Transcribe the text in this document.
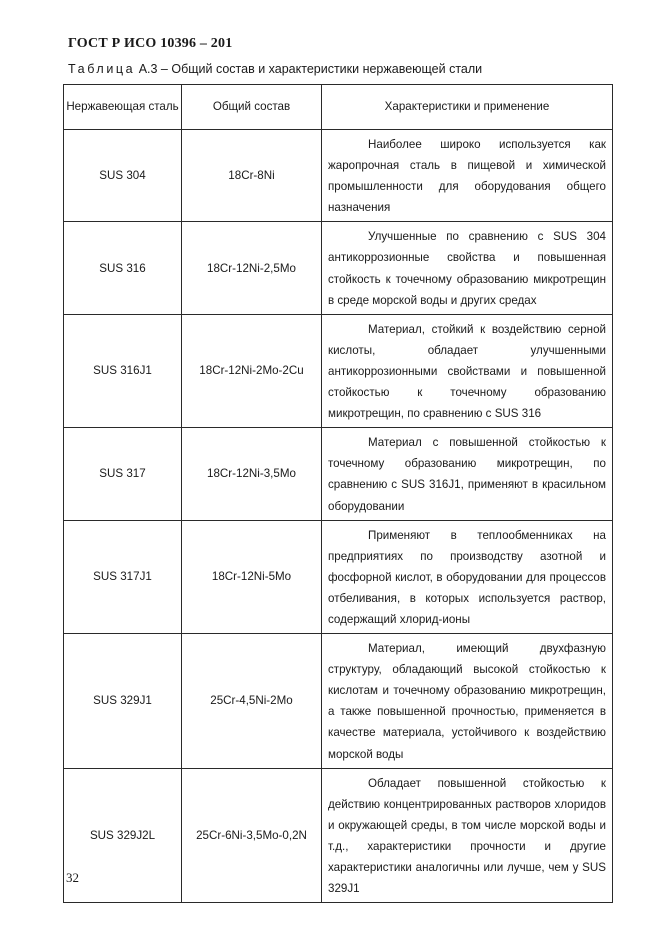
ГОСТ Р ИСО 10396 – 201
Таблица А.3 – Общий состав и характеристики нержавеющей стали
Нержавеющая сталь	Общий состав	Характеристики и применение
SUS 304	18Cr-8Ni	Наиболее широко используется как жаропрочная сталь в пищевой и химической промышленности для оборудования общего назначения
SUS 316	18Cr-12Ni-2,5Mo	Улучшенные по сравнению с SUS 304 антикоррозионные свойства и повышенная стойкость к точечному образованию микротрещин в среде морской воды и других средах
SUS 316J1	18Cr-12Ni-2Mo-2Cu	Материал, стойкий к воздействию серной кислоты, обладает улучшенными антикоррозионными свойствами и повышенной стойкостью к точечному образованию микротрещин, по сравнению с SUS 316
SUS 317	18Cr-12Ni-3,5Mo	Материал с повышенной стойкостью к точечному образованию микротрещин, по сравнению с SUS 316J1, применяют в красильном оборудовании
SUS 317J1	18Cr-12Ni-5Mo	Применяют в теплообменниках на предприятиях по производству азотной и фосфорной кислот, в оборудовании для процессов отбеливания, в которых используется раствор, содержащий хлорид-ионы
SUS 329J1	25Cr-4,5Ni-2Mo	Материал, имеющий двухфазную структуру, обладающий высокой стойкостью к кислотам и точечному образованию микротрещин, а также повышенной прочностью, применяется в качестве материала, устойчивого к воздействию морской воды
SUS 329J2L	25Cr-6Ni-3,5Mo-0,2N	Обладает повышенной стойкостью к действию концентрированных растворов хлоридов и окружающей среды, в том числе морской воды и т.д., характеристики прочности и другие характеристики аналогичны или лучше, чем у SUS 329J1
32
